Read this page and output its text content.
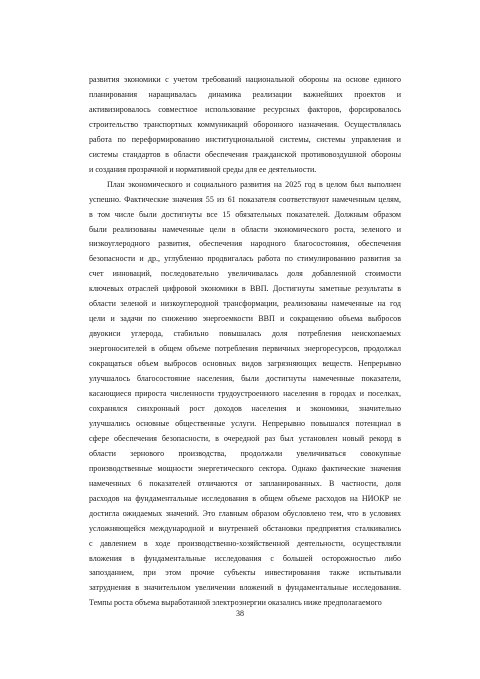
развития экономики с учетом требований национальной обороны на основе единого
планирования наращивалась динамика реализации важнейших проектов и
активизировалось совместное использование ресурсных факторов, форсировалось
строительство транспортных коммуникаций оборонного назначения. Осуществлялась
работа по переформированию институциональной системы, системы управления и
системы стандартов в области обеспечения гражданской противовоздушной обороны
и создания прозрачной и нормативной среды для ее деятельности.
План экономического и социального развития на 2025 год в целом был выполнен
успешно. Фактические значения 55 из 61 показателя соответствуют намеченным целям,
в том числе были достигнуты все 15 обязательных показателей. Должным образом
были реализованы намеченные цели в области экономического роста, зеленого и
низкоуглеродного развития, обеспечения народного благосостояния, обеспечения
безопасности и др., углубленно продвигалась работа по стимулированию развития за
счет инноваций, последовательно увеличивалась доля добавленной стоимости
ключевых отраслей цифровой экономики в ВВП. Достигнуты заметные результаты в
области зеленой и низкоуглеродной трансформации, реализованы намеченные на год
цели и задачи по снижению энергоемкости ВВП и сокращению объема выбросов
двуокиси углерода, стабильно повышалась доля потребления неископаемых
энергоносителей в общем объеме потребления первичных энергоресурсов, продолжал
сокращаться объем выбросов основных видов загрязняющих веществ. Непрерывно
улучшалось благосостояние населения, были достигнуты намеченные показатели,
касающиеся прироста численности трудоустроенного населения в городах и поселках,
сохранялся синхронный рост доходов населения и экономики, значительно
улучшались основные общественные услуги. Непрерывно повышался потенциал в
сфере обеспечения безопасности, в очередной раз был установлен новый рекорд в
области зернового производства, продолжали увеличиваться совокупные
производственные мощности энергетического сектора. Однако фактические значения
намеченных 6 показателей отличаются от запланированных. В частности, доля
расходов на фундаментальные исследования в общем объеме расходов на НИОКР не
достигла ожидаемых значений. Это главным образом обусловлено тем, что в условиях
усложняющейся международной и внутренней обстановки предприятия сталкивались
с давлением в ходе производственно-хозяйственной деятельности, осуществляли
вложения в фундаментальные исследования с большей осторожностью либо
запозданием, при этом прочие субъекты инвестирования также испытывали
затруднения в значительном увеличении вложений в фундаментальные исследования.
Темпы роста объема выработанной электроэнергии оказались ниже предполагаемого
38
